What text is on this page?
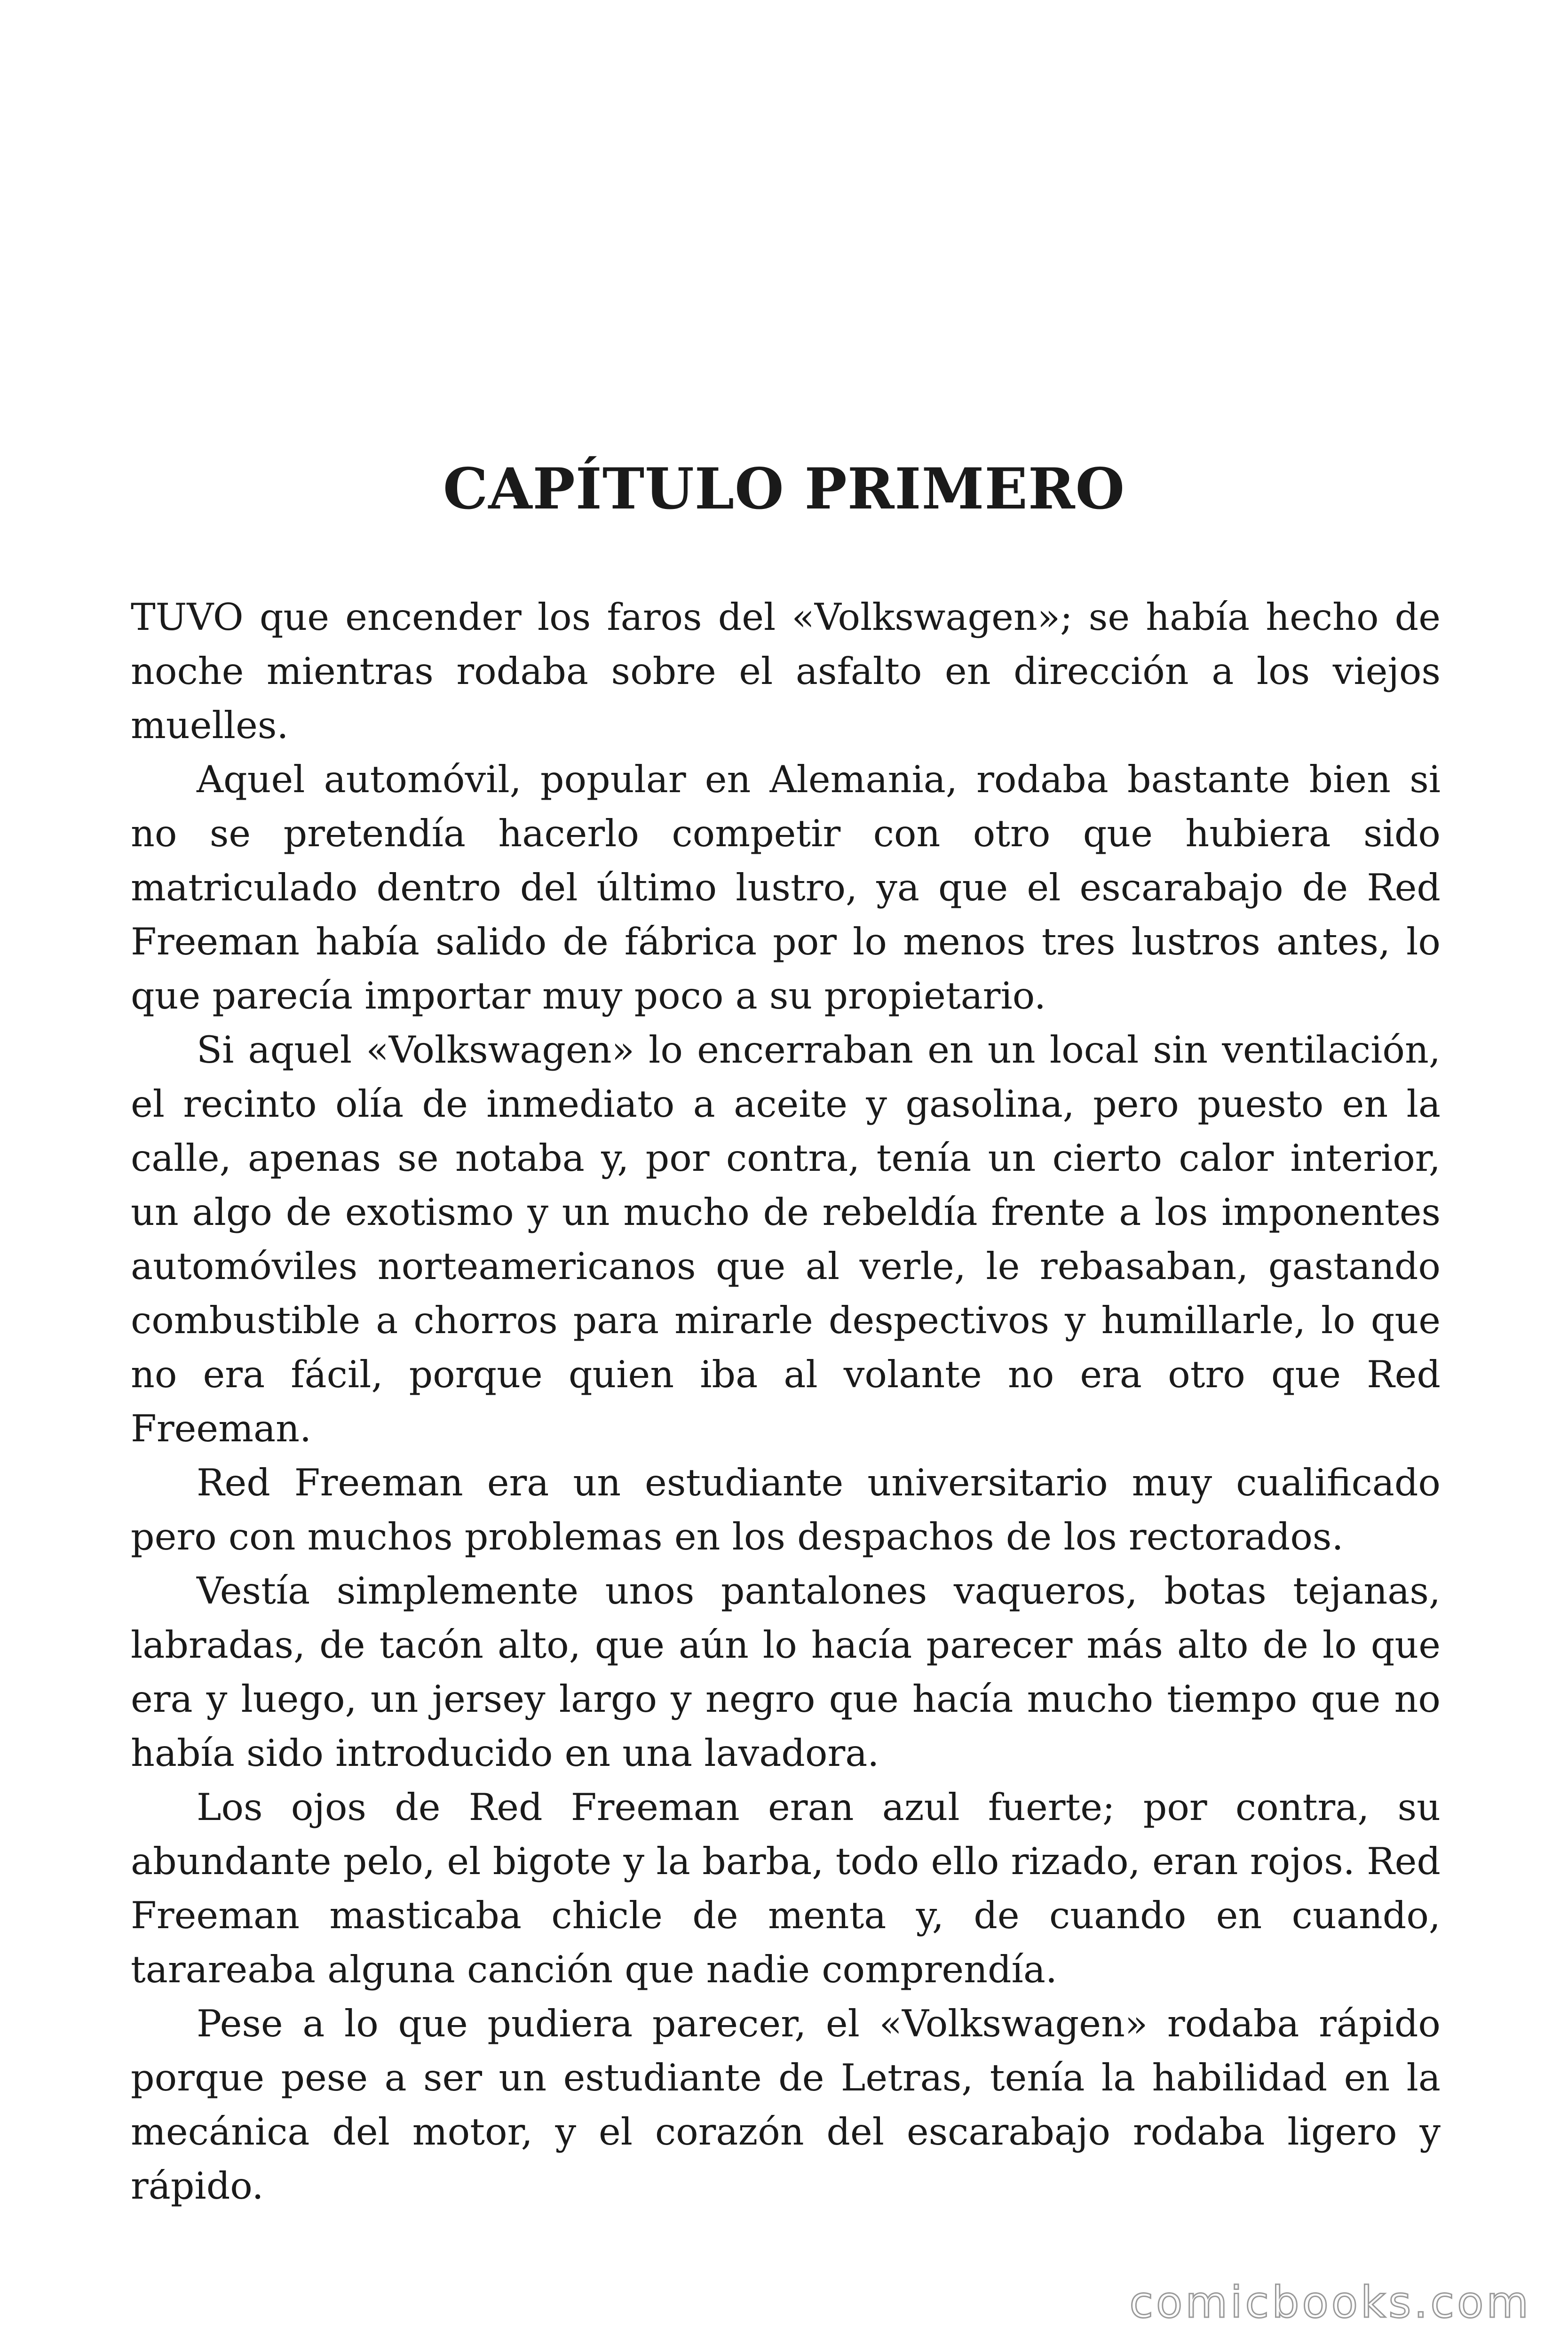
CAPÍTULO PRIMERO

TUVO que encender los faros del «Volkswagen»; se había hecho de noche mientras rodaba sobre el asfalto en dirección a los viejos muelles.

Aquel automóvil, popular en Alemania, rodaba bastante bien si no se pretendía hacerlo competir con otro que hubiera sido matriculado dentro del último lustro, ya que el escarabajo de Red Freeman había salido de fábrica por lo menos tres lustros antes, lo que parecía importar muy poco a su propietario.

Si aquel «Volkswagen» lo encerraban en un local sin ventilación, el recinto olía de inmediato a aceite y gasolina, pero puesto en la calle, apenas se notaba y, por contra, tenía un cierto calor interior, un algo de exotismo y un mucho de rebeldía frente a los imponentes automóviles norteamericanos que al verle, le rebasaban, gastando combustible a chorros para mirarle despectivos y humillarle, lo que no era fácil, porque quien iba al volante no era otro que Red Freeman.

Red Freeman era un estudiante universitario muy cualificado pero con muchos problemas en los despachos de los rectorados.

Vestía simplemente unos pantalones vaqueros, botas tejanas, labradas, de tacón alto, que aún lo hacía parecer más alto de lo que era y luego, un jersey largo y negro que hacía mucho tiempo que no había sido introducido en una lavadora.

Los ojos de Red Freeman eran azul fuerte; por contra, su abundante pelo, el bigote y la barba, todo ello rizado, eran rojos. Red Freeman masticaba chicle de menta y, de cuando en cuando, tarareaba alguna canción que nadie comprendía.

Pese a lo que pudiera parecer, el «Volkswagen» rodaba rápido porque pese a ser un estudiante de Letras, tenía la habilidad en la mecánica del motor, y el corazón del escarabajo rodaba ligero y rápido.

comicbooks.com
